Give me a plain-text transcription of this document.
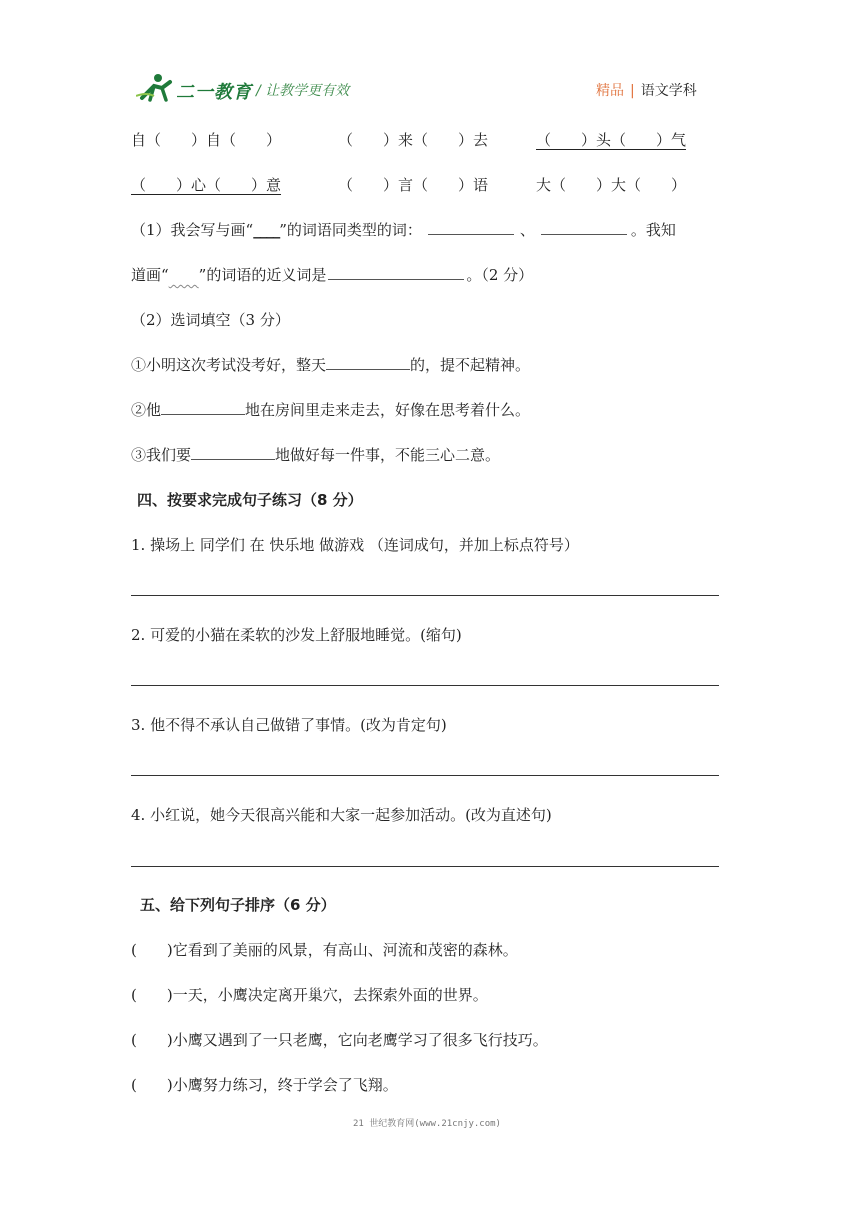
二一教育 / 让教学更有效	精品 | 语文学科
自（　　）自（　　）	（　　）来（　　）去	（　　）头（　　）气
（　　）心（　　）意	（　　）言（　　）语	大（　　）大（　　）
（1）我会写与画“____”的词语同类型的词：	、	。我知
道画“ ”的词语的近义词是	。（2 分）
（2）选词填空（3 分）
①小明这次考试没考好，整天	的，提不起精神。
②他	地在房间里走来走去，好像在思考着什么。
③我们要	地做好每一件事，不能三心二意。
四、按要求完成句子练习（8 分）
1. 操场上 同学们 在 快乐地 做游戏 （连词成句，并加上标点符号）
2. 可爱的小猫在柔软的沙发上舒服地睡觉。(缩句)
3. 他不得不承认自己做错了事情。(改为肯定句)
4. 小红说，她今天很高兴能和大家一起参加活动。(改为直述句)
五、给下列句子排序（6 分）
(　　)它看到了美丽的风景，有高山、河流和茂密的森林。
(　　)一天，小鹰决定离开巢穴，去探索外面的世界。
(　　)小鹰又遇到了一只老鹰，它向老鹰学习了很多飞行技巧。
(　　)小鹰努力练习，终于学会了飞翔。
21 世纪教育网(www.21cnjy.com)
